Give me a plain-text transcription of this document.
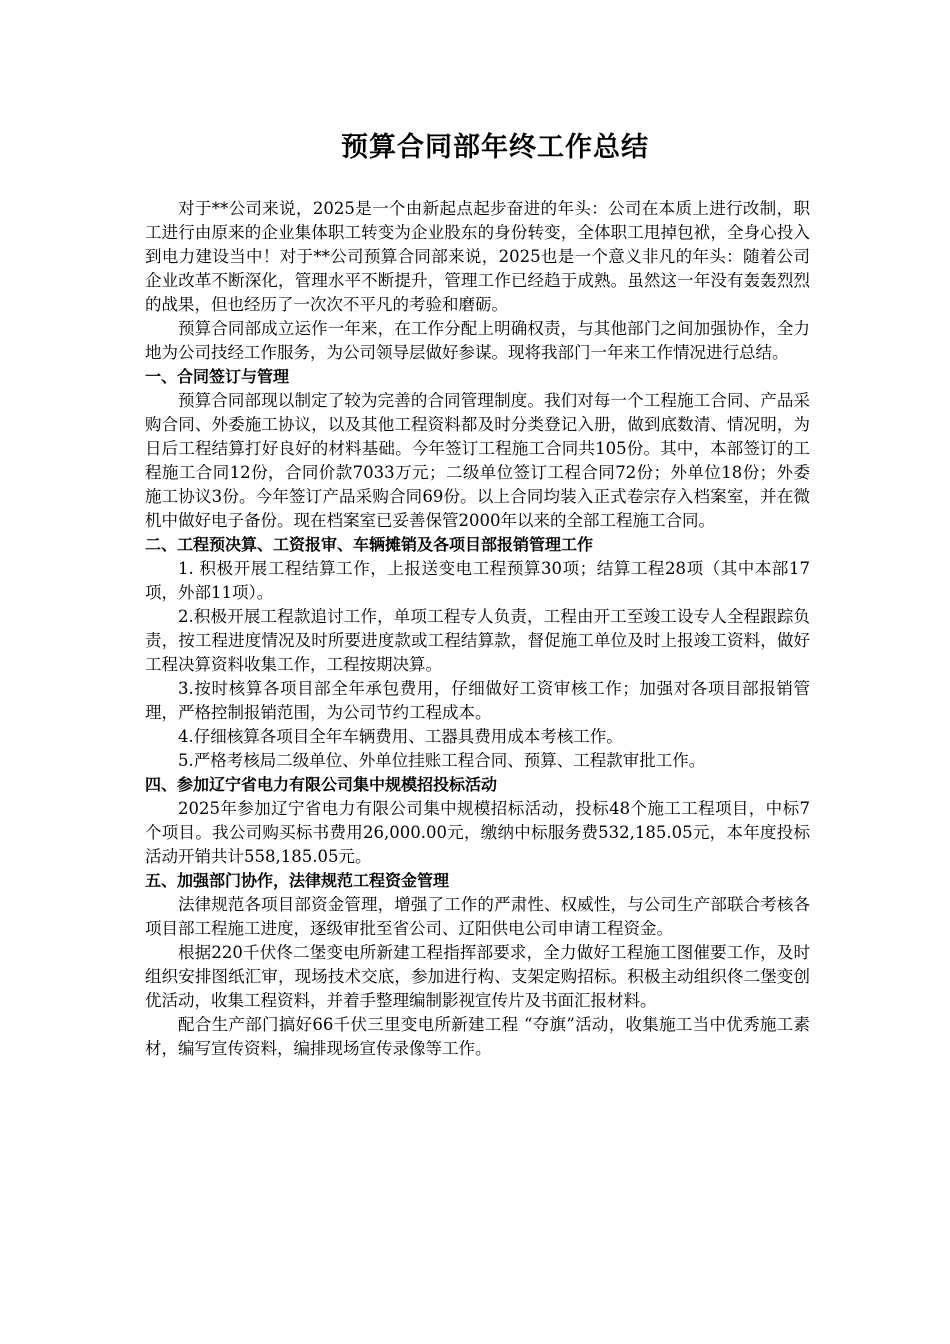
预算合同部年终工作总结

对于**公司来说，2025是一个由新起点起步奋进的年头：公司在本质上进行改制，职工进行由原来的企业集体职工转变为企业股东的身份转变，全体职工甩掉包袱，全身心投入到电力建设当中！对于**公司预算合同部来说，2025也是一个意义非凡的年头：随着公司企业改革不断深化，管理水平不断提升，管理工作已经趋于成熟。虽然这一年没有轰轰烈烈的战果，但也经历了一次次不平凡的考验和磨砺。

预算合同部成立运作一年来，在工作分配上明确权责，与其他部门之间加强协作，全力地为公司技经工作服务，为公司领导层做好参谋。现将我部门一年来工作情况进行总结。

一、合同签订与管理

预算合同部现以制定了较为完善的合同管理制度。我们对每一个工程施工合同、产品采购合同、外委施工协议，以及其他工程资料都及时分类登记入册，做到底数清、情况明，为日后工程结算打好良好的材料基础。今年签订工程施工合同共105份。其中，本部签订的工程施工合同12份，合同价款7033万元；二级单位签订工程合同72份；外单位18份；外委施工协议3份。今年签订产品采购合同69份。以上合同均装入正式卷宗存入档案室，并在微机中做好电子备份。现在档案室已妥善保管2000年以来的全部工程施工合同。

二、工程预决算、工资报审、车辆摊销及各项目部报销管理工作

1. 积极开展工程结算工作，上报送变电工程预算30项；结算工程28项（其中本部17项，外部11项）。

2.积极开展工程款追讨工作，单项工程专人负责，工程由开工至竣工设专人全程跟踪负责，按工程进度情况及时所要进度款或工程结算款，督促施工单位及时上报竣工资料，做好工程决算资料收集工作，工程按期决算。

3.按时核算各项目部全年承包费用，仔细做好工资审核工作；加强对各项目部报销管理，严格控制报销范围，为公司节约工程成本。

4.仔细核算各项目全年车辆费用、工器具费用成本考核工作。

5.严格考核局二级单位、外单位挂账工程合同、预算、工程款审批工作。

四、参加辽宁省电力有限公司集中规模招投标活动

2025年参加辽宁省电力有限公司集中规模招标活动，投标48个施工工程项目，中标7个项目。我公司购买标书费用26,000.00元，缴纳中标服务费532,185.05元，本年度投标活动开销共计558,185.05元。

五、加强部门协作，法律规范工程资金管理

法律规范各项目部资金管理，增强了工作的严肃性、权威性，与公司生产部联合考核各项目部工程施工进度，逐级审批至省公司、辽阳供电公司申请工程资金。

根据220千伏佟二堡变电所新建工程指挥部要求，全力做好工程施工图催要工作，及时组织安排图纸汇审，现场技术交底，参加进行构、支架定购招标。积极主动组织佟二堡变创优活动，收集工程资料，并着手整理编制影视宣传片及书面汇报材料。

配合生产部门搞好66千伏三里变电所新建工程 “夺旗”活动，收集施工当中优秀施工素材，编写宣传资料，编排现场宣传录像等工作。
